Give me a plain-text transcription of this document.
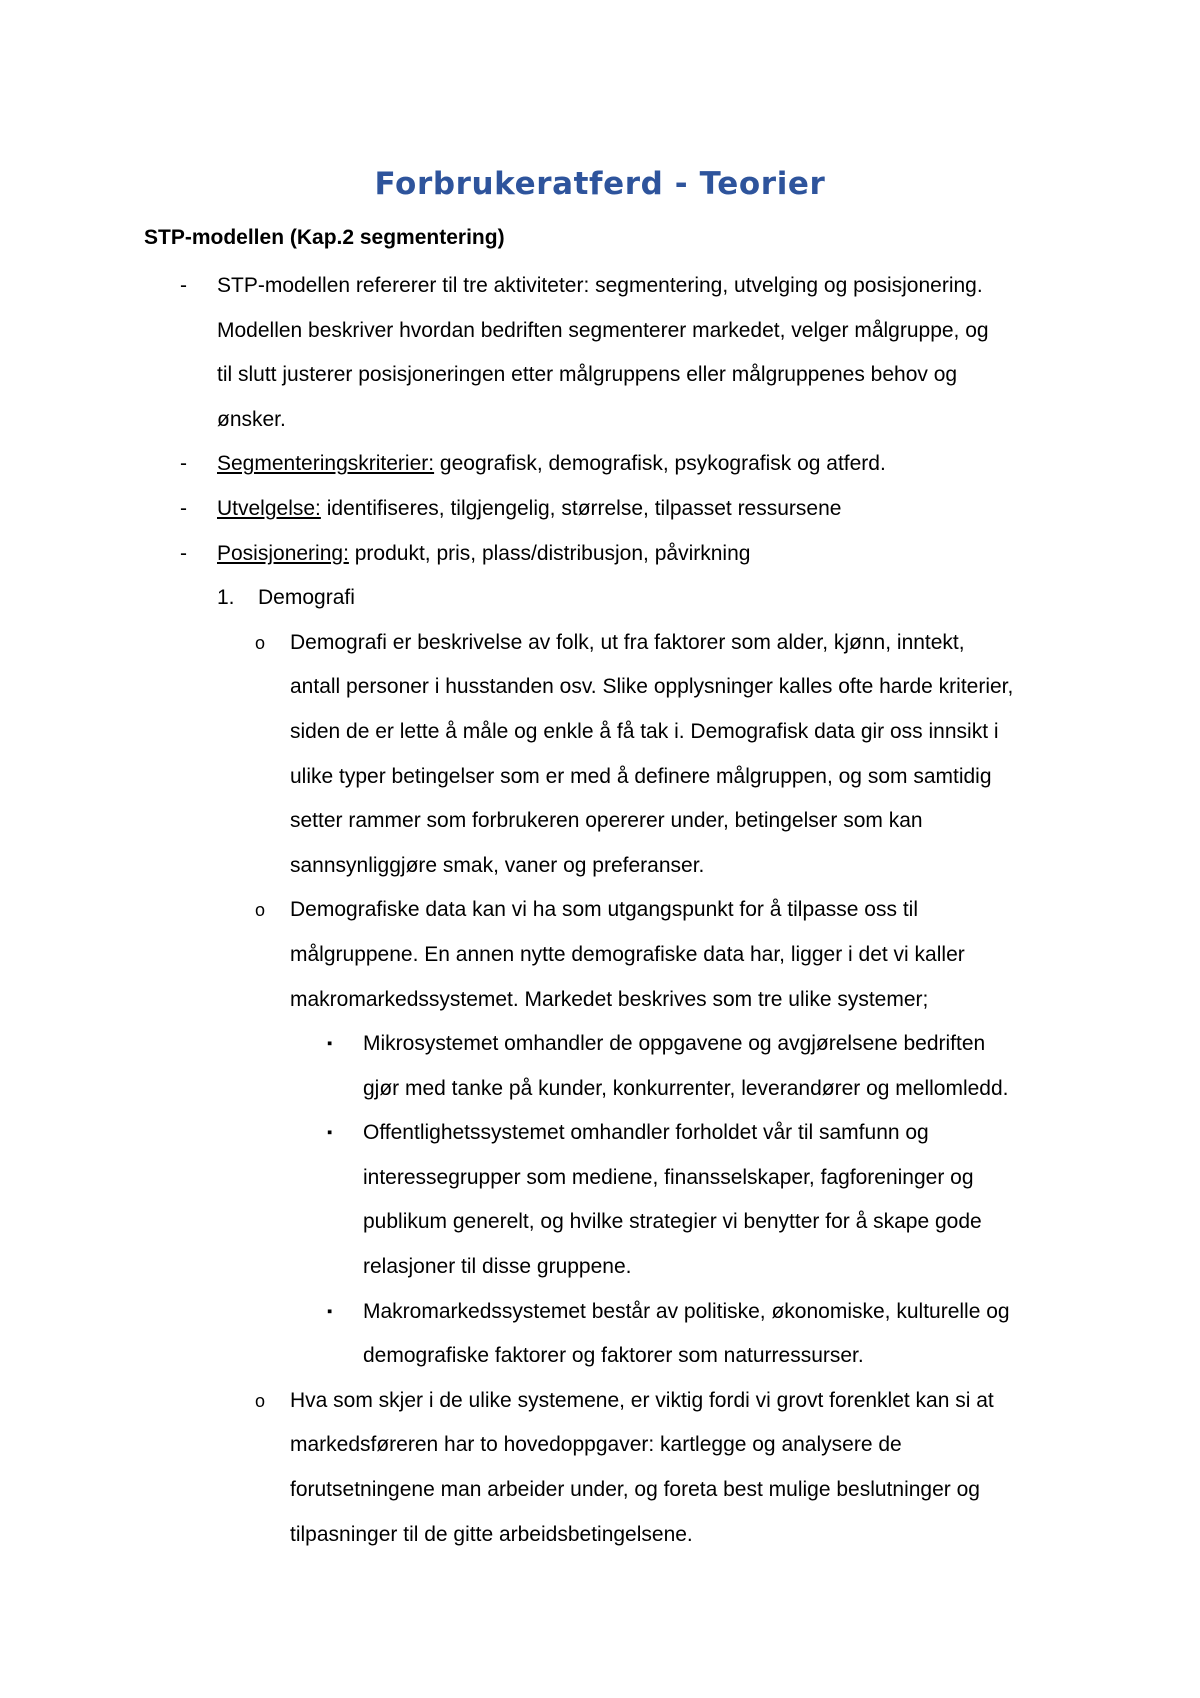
Forbrukeratferd - Teorier
STP-modellen (Kap.2 segmentering)
- STP-modellen refererer til tre aktiviteter: segmentering, utvelging og posisjonering.
Modellen beskriver hvordan bedriften segmenterer markedet, velger målgruppe, og
til slutt justerer posisjoneringen etter målgruppens eller målgruppenes behov og
ønsker.
- Segmenteringskriterier: geografisk, demografisk, psykografisk og atferd.
- Utvelgelse: identifiseres, tilgjengelig, størrelse, tilpasset ressursene
- Posisjonering: produkt, pris, plass/distribusjon, påvirkning
1. Demografi
o Demografi er beskrivelse av folk, ut fra faktorer som alder, kjønn, inntekt,
antall personer i husstanden osv. Slike opplysninger kalles ofte harde kriterier,
siden de er lette å måle og enkle å få tak i. Demografisk data gir oss innsikt i
ulike typer betingelser som er med å definere målgruppen, og som samtidig
setter rammer som forbrukeren opererer under, betingelser som kan
sannsynliggjøre smak, vaner og preferanser.
o Demografiske data kan vi ha som utgangspunkt for å tilpasse oss til
målgruppene. En annen nytte demografiske data har, ligger i det vi kaller
makromarkedssystemet. Markedet beskrives som tre ulike systemer;
▪ Mikrosystemet omhandler de oppgavene og avgjørelsene bedriften
gjør med tanke på kunder, konkurrenter, leverandører og mellomledd.
▪ Offentlighetssystemet omhandler forholdet vår til samfunn og
interessegrupper som mediene, finansselskaper, fagforeninger og
publikum generelt, og hvilke strategier vi benytter for å skape gode
relasjoner til disse gruppene.
▪ Makromarkedssystemet består av politiske, økonomiske, kulturelle og
demografiske faktorer og faktorer som naturressurser.
o Hva som skjer i de ulike systemene, er viktig fordi vi grovt forenklet kan si at
markedsføreren har to hovedoppgaver: kartlegge og analysere de
forutsetningene man arbeider under, og foreta best mulige beslutninger og
tilpasninger til de gitte arbeidsbetingelsene.
